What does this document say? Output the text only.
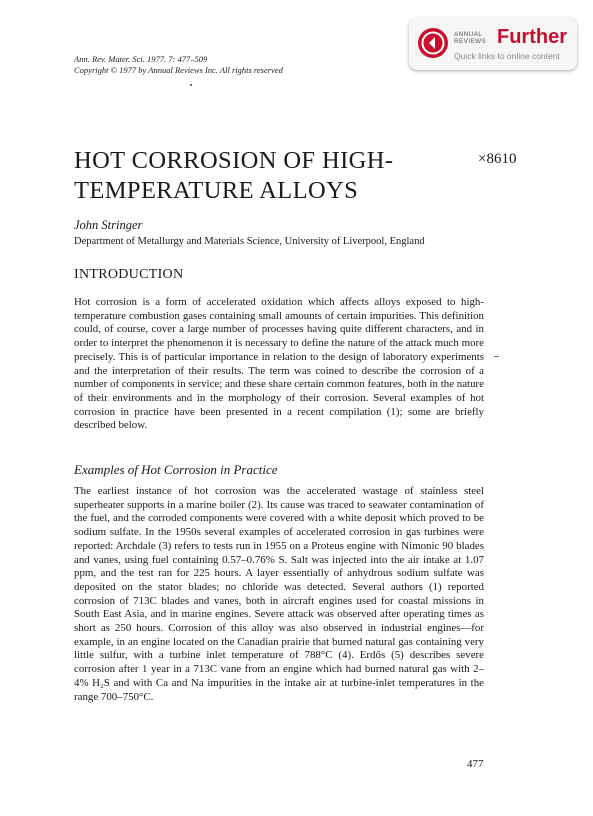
Ann. Rev. Mater. Sci. 1977. 7: 477–509
Copyright © 1977 by Annual Reviews Inc. All rights reserved
ANNUAL REVIEWS Further
Quick links to online content
HOT CORROSION OF HIGH-
TEMPERATURE ALLOYS
×8610
John Stringer
Department of Metallurgy and Materials Science, University of Liverpool, England
INTRODUCTION
Hot corrosion is a form of accelerated oxidation which affects alloys exposed to high-temperature combustion gases containing small amounts of certain impurities. This definition could, of course, cover a large number of processes having quite different characters, and in order to interpret the phenomenon it is necessary to define the nature of the attack much more precisely. This is of particular importance in relation to the design of laboratory experiments and the interpretation of their results. The term was coined to describe the corrosion of a number of components in service; and these share certain common features, both in the nature of their environments and in the morphology of their corrosion. Several examples of hot corrosion in practice have been presented in a recent compilation (1); some are briefly described below.
Examples of Hot Corrosion in Practice
The earliest instance of hot corrosion was the accelerated wastage of stainless steel superheater supports in a marine boiler (2). Its cause was traced to seawater contamination of the fuel, and the corroded components were covered with a white deposit which proved to be sodium sulfate. In the 1950s several examples of accelerated corrosion in gas turbines were reported: Archdale (3) refers to tests run in 1955 on a Proteus engine with Nimonic 90 blades and vanes, using fuel containing 0.57–0.76% S. Salt was injected into the air intake at 1.07 ppm, and the test ran for 225 hours. A layer essentially of anhydrous sodium sulfate was deposited on the stator blades; no chloride was detected. Several authors (1) reported corrosion of 713C blades and vanes, both in aircraft engines used for coastal missions in South East Asia, and in marine engines. Severe attack was observed after operating times as short as 250 hours. Corrosion of this alloy was also observed in industrial engines—for example, in an engine located on the Canadian prairie that burned natural gas containing very little sulfur, with a turbine inlet temperature of 788°C (4). Erdős (5) describes severe corrosion after 1 year in a 713C vane from an engine which had burned natural gas with 2–4% H₂S and with Ca and Na impurities in the intake air at turbine-inlet temperatures in the range 700–750°C.
477
